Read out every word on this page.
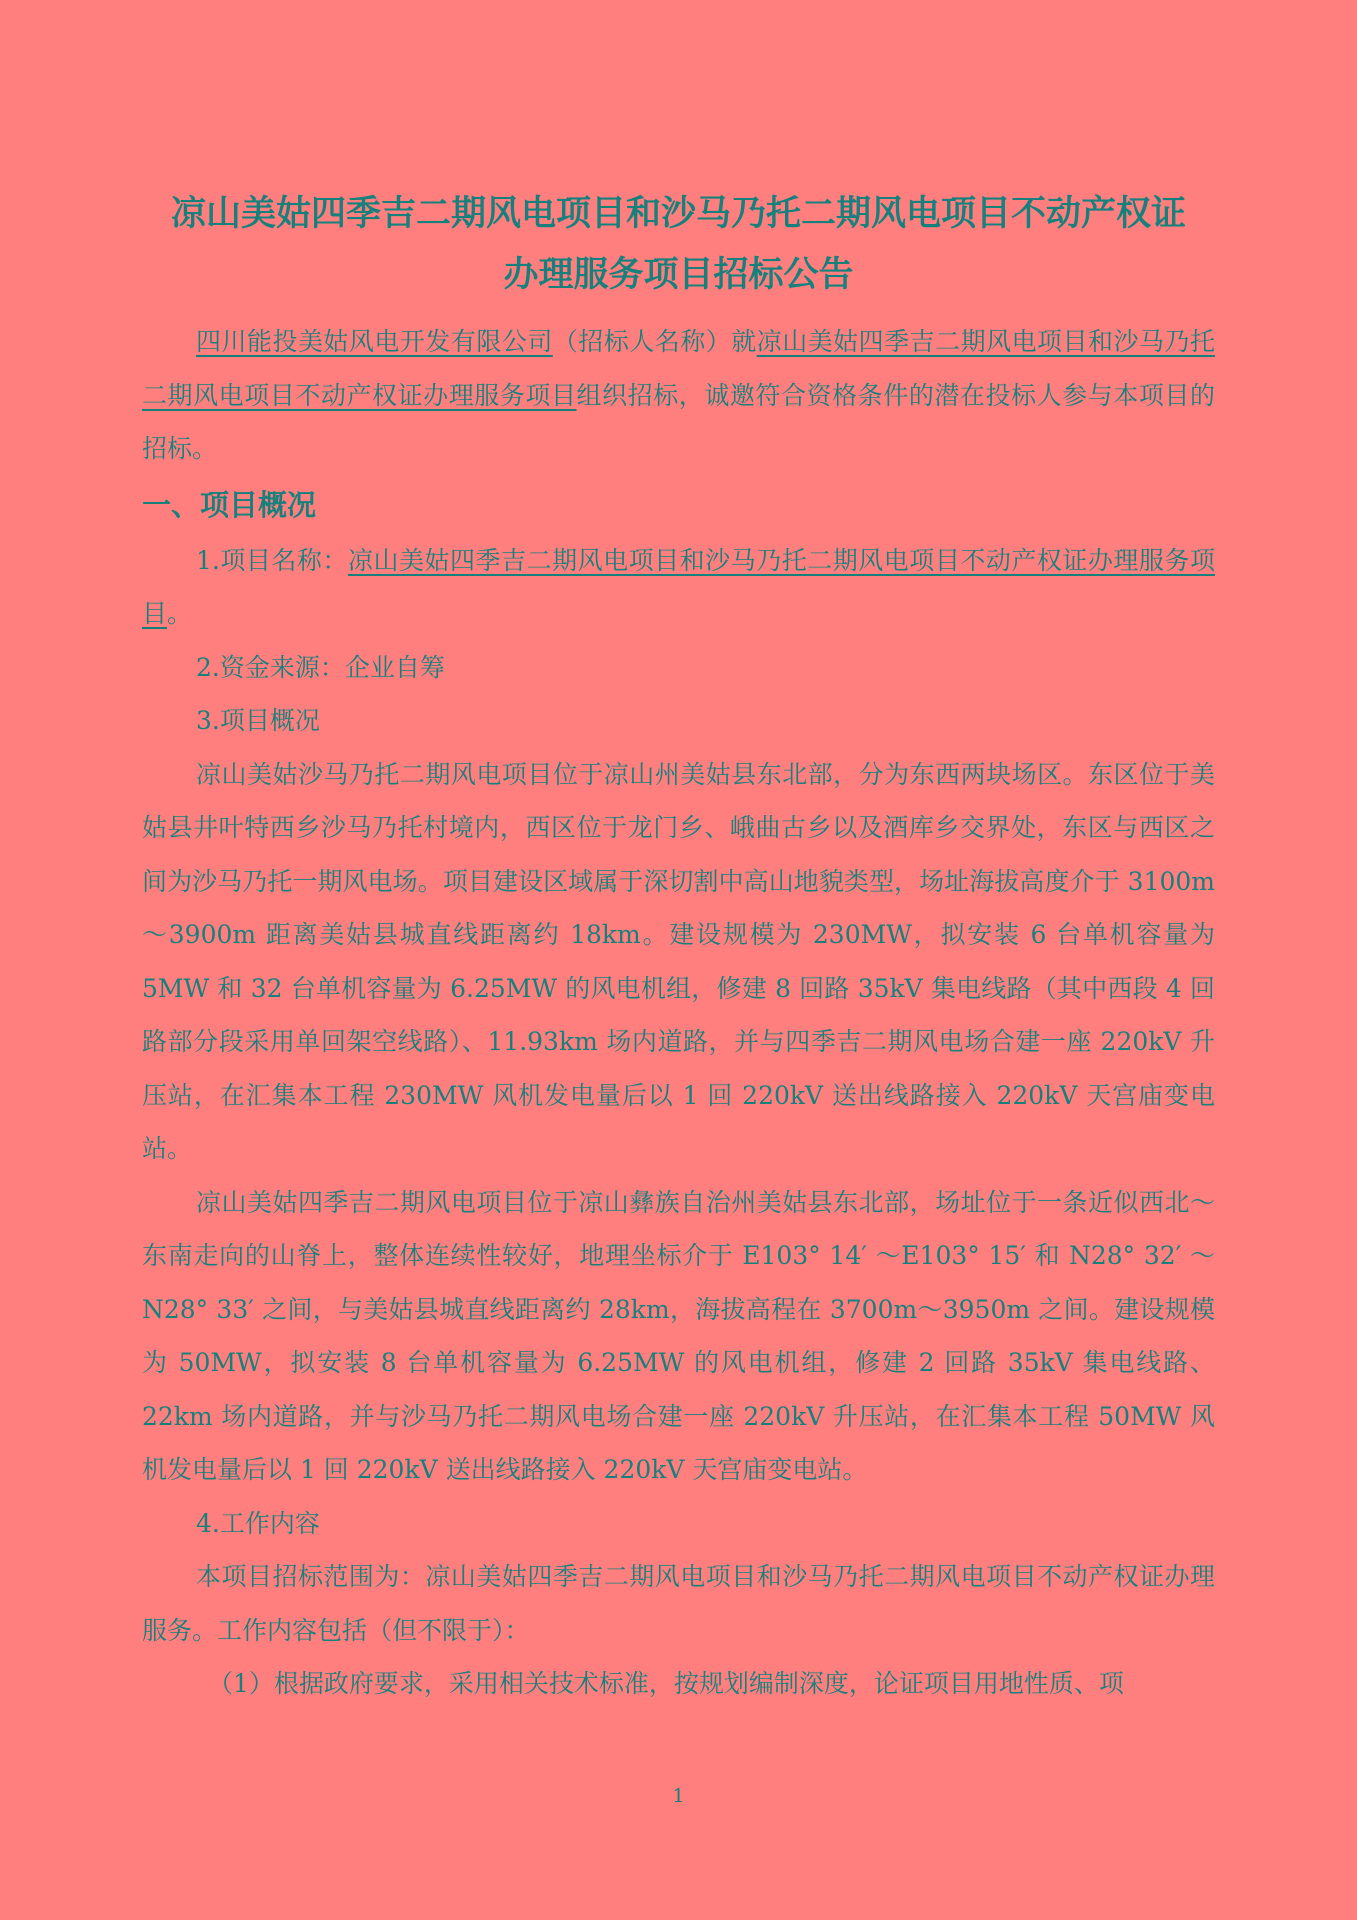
凉山美姑四季吉二期风电项目和沙马乃托二期风电项目不动产权证
办理服务项目招标公告

四川能投美姑风电开发有限公司（招标人名称）就凉山美姑四季吉二期风电项目和沙马乃托二期风电项目不动产权证办理服务项目组织招标，诚邀符合资格条件的潜在投标人参与本项目的招标。

一、项目概况

1.项目名称：凉山美姑四季吉二期风电项目和沙马乃托二期风电项目不动产权证办理服务项目。

2.资金来源：企业自筹

3.项目概况

凉山美姑沙马乃托二期风电项目位于凉山州美姑县东北部，分为东西两块场区。东区位于美姑县井叶特西乡沙马乃托村境内，西区位于龙门乡、峨曲古乡以及酒库乡交界处，东区与西区之间为沙马乃托一期风电场。项目建设区域属于深切割中高山地貌类型，场址海拔高度介于 3100m～3900m 距离美姑县城直线距离约 18km。建设规模为 230MW，拟安装 6 台单机容量为 5MW 和 32 台单机容量为 6.25MW 的风电机组，修建 8 回路 35kV 集电线路（其中西段 4 回路部分段采用单回架空线路）、11.93km 场内道路，并与四季吉二期风电场合建一座 220kV 升压站，在汇集本工程 230MW 风机发电量后以 1 回 220kV 送出线路接入 220kV 天宫庙变电站。

凉山美姑四季吉二期风电项目位于凉山彝族自治州美姑县东北部，场址位于一条近似西北～东南走向的山脊上，整体连续性较好，地理坐标介于 E103° 14′ ～E103° 15′ 和 N28° 32′ ～N28° 33′ 之间，与美姑县城直线距离约 28km，海拔高程在 3700m～3950m 之间。建设规模为 50MW，拟安装 8 台单机容量为 6.25MW 的风电机组，修建 2 回路 35kV 集电线路、22km 场内道路，并与沙马乃托二期风电场合建一座 220kV 升压站，在汇集本工程 50MW 风机发电量后以 1 回 220kV 送出线路接入 220kV 天宫庙变电站。

4.工作内容

本项目招标范围为：凉山美姑四季吉二期风电项目和沙马乃托二期风电项目不动产权证办理服务。工作内容包括（但不限于）：

（1）根据政府要求，采用相关技术标准，按规划编制深度，论证项目用地性质、项

1
